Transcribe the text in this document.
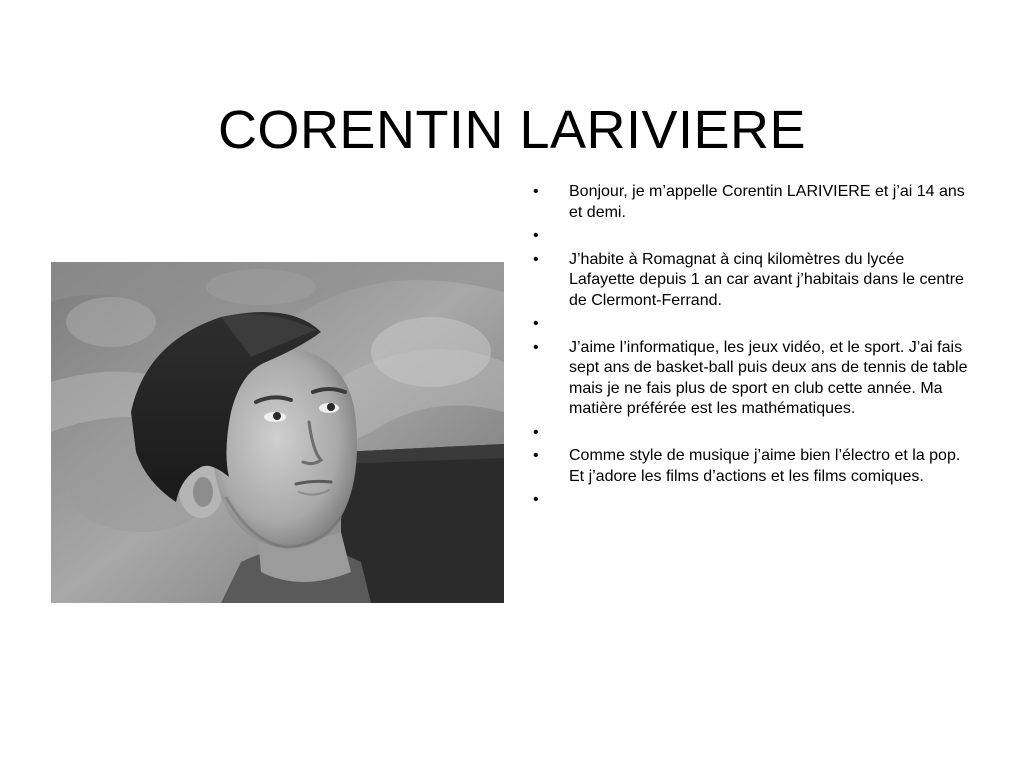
CORENTIN LARIVIERE
• Bonjour, je m’appelle Corentin LARIVIERE et j’ai 14 ans et demi.
•
• J’habite à Romagnat à cinq kilomètres du lycée Lafayette depuis 1 an car avant j’habitais dans le centre de Clermont-Ferrand.
•
• J’aime l’informatique, les jeux vidéo, et le sport. J’ai fais sept ans de basket-ball puis deux ans de tennis de table mais je ne fais plus de sport en club cette année. Ma matière préférée est les mathématiques.
•
• Comme style de musique j’aime bien l’électro et la pop. Et j’adore les films d’actions et les films comiques.
•
